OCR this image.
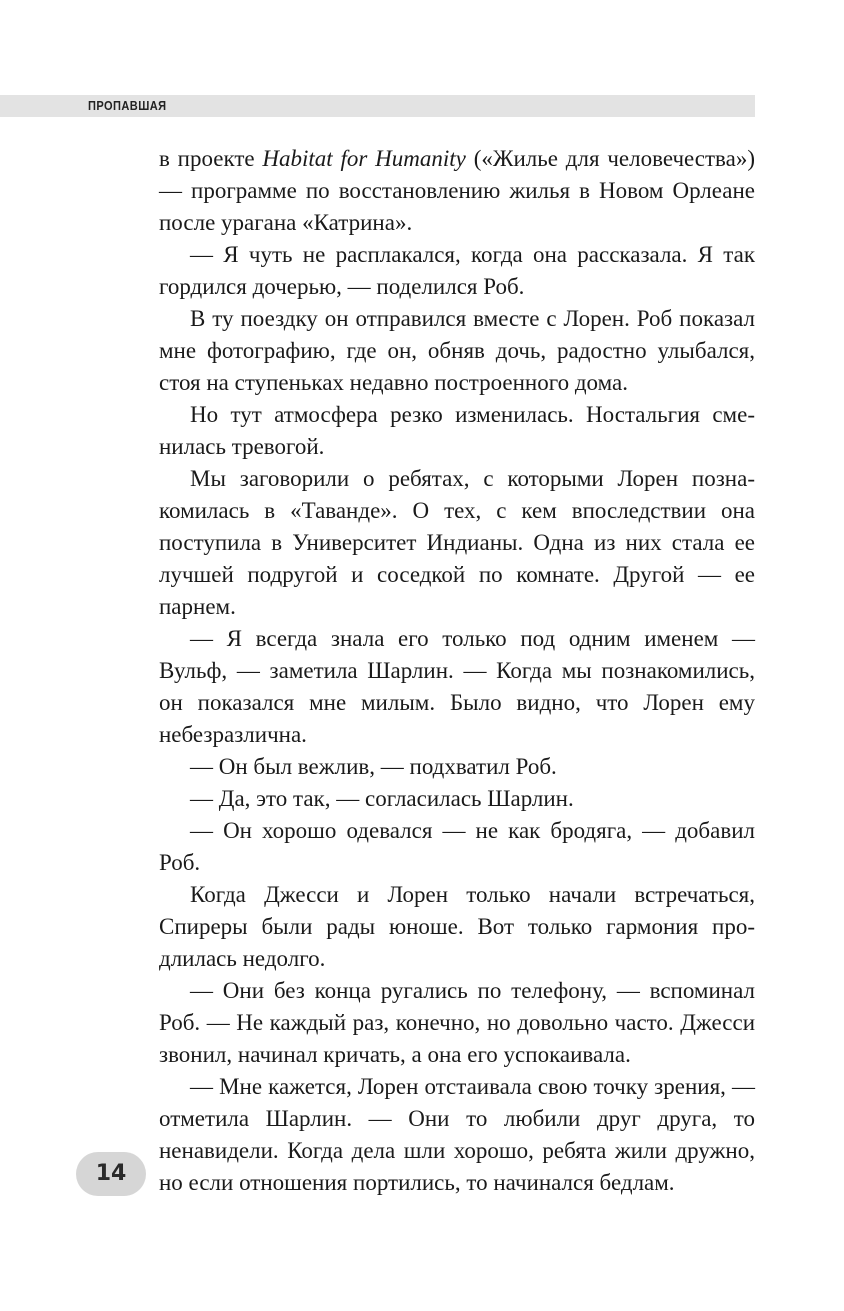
ПРОПАВШАЯ

в проекте Habitat for Humanity («Жилье для человечества») — программе по восстановлению жилья в Новом Орлеане после урагана «Катрина».

— Я чуть не расплакался, когда она рассказала. Я так гордился дочерью, — поделился Роб.

В ту поездку он отправился вместе с Лорен. Роб показал мне фотографию, где он, обняв дочь, радостно улыбался, стоя на ступеньках недавно построенного дома.

Но тут атмосфера резко изменилась. Ностальгия сменилась тревогой.

Мы заговорили о ребятах, с которыми Лорен познакомилась в «Таванде». О тех, с кем впоследствии она поступила в Университет Индианы. Одна из них стала ее лучшей подругой и соседкой по комнате. Другой — ее парнем.

— Я всегда знала его только под одним именем — Вульф, — заметила Шарлин. — Когда мы познакомились, он показался мне милым. Было видно, что Лорен ему небезразлична.

— Он был вежлив, — подхватил Роб.

— Да, это так, — согласилась Шарлин.

— Он хорошо одевался — не как бродяга, — добавил Роб.

Когда Джесси и Лорен только начали встречаться, Спиреры были рады юноше. Вот только гармония продлилась недолго.

— Они без конца ругались по телефону, — вспоминал Роб. — Не каждый раз, конечно, но довольно часто. Джесси звонил, начинал кричать, а она его успокаивала.

— Мне кажется, Лорен отстаивала свою точку зрения, — отметила Шарлин. — Они то любили друг друга, то ненавидели. Когда дела шли хорошо, ребята жили дружно, но если отношения портились, то начинался бедлам.

14
